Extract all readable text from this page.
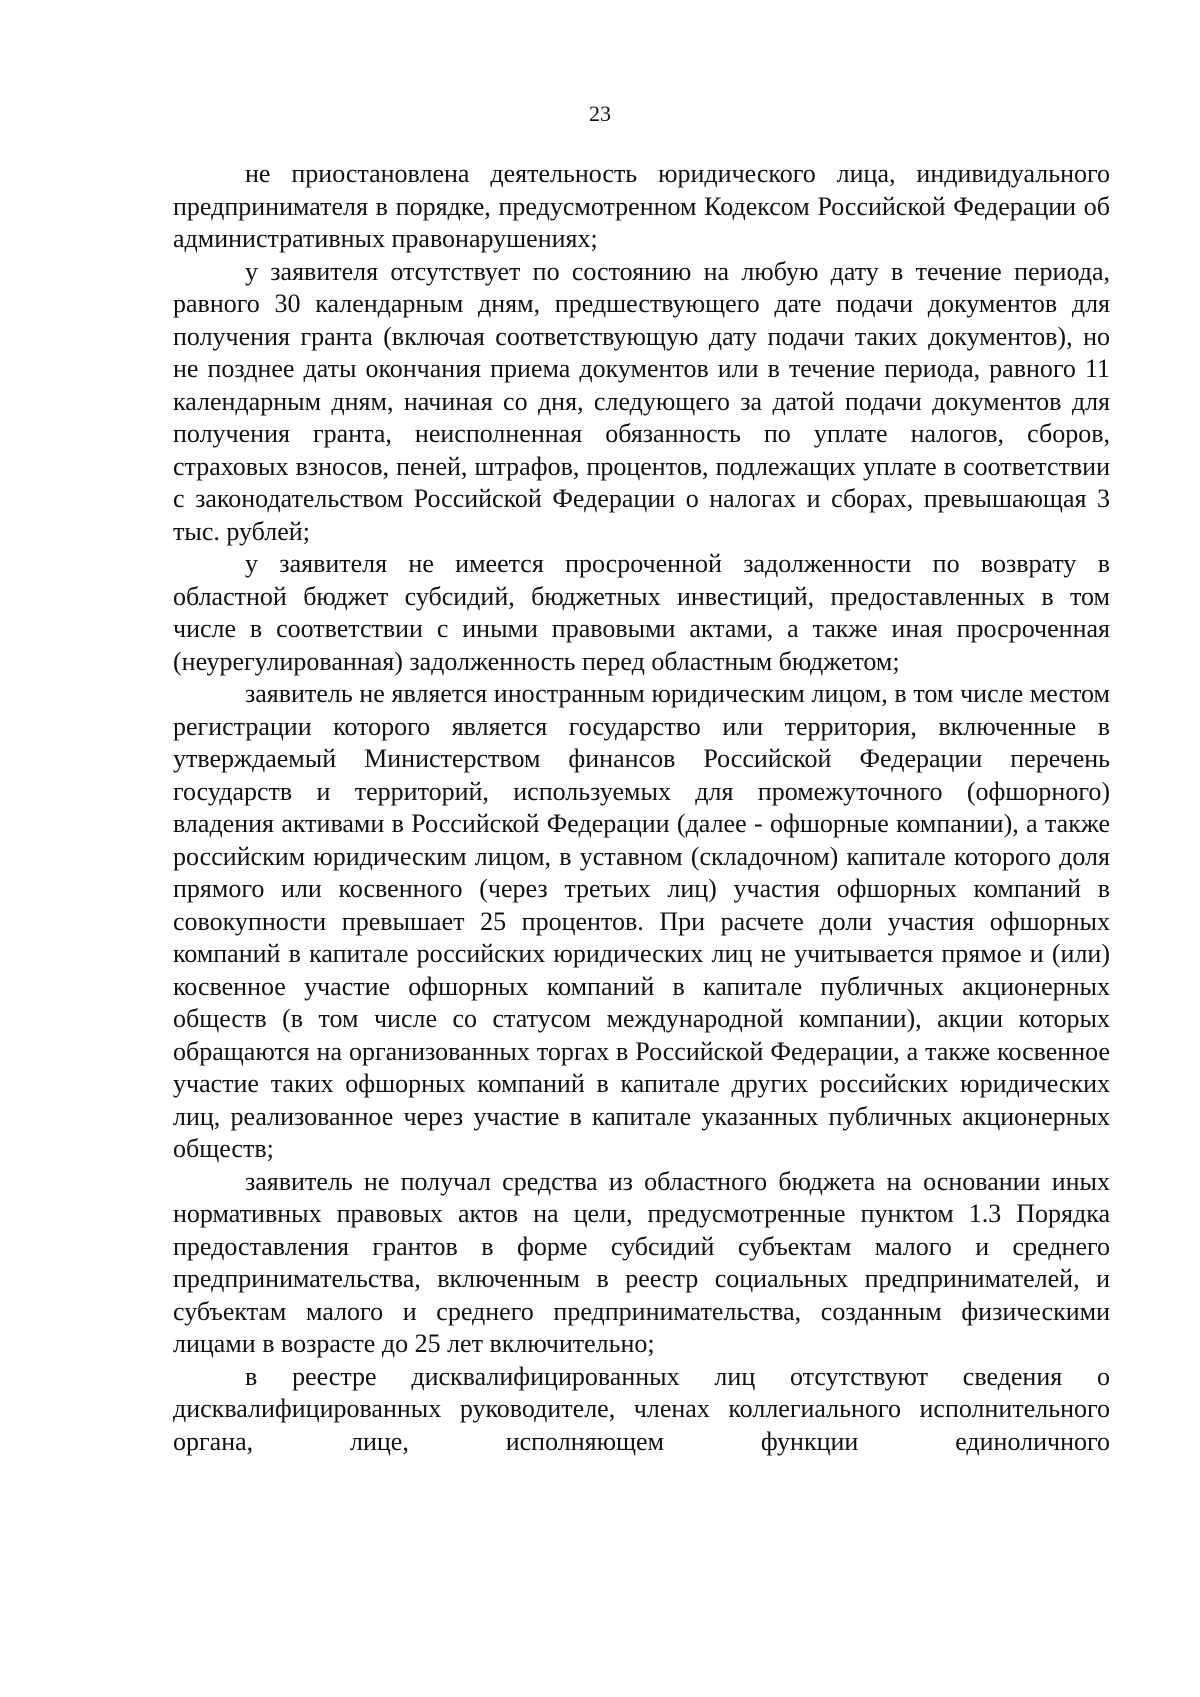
23

не приостановлена деятельность юридического лица, индивидуального предпринимателя в порядке, предусмотренном Кодексом Российской Федерации об административных правонарушениях;

у заявителя отсутствует по состоянию на любую дату в течение периода, равного 30 календарным дням, предшествующего дате подачи документов для получения гранта (включая соответствующую дату подачи таких документов), но не позднее даты окончания приема документов или в течение периода, равного 11 календарным дням, начиная со дня, следующего за датой подачи документов для получения гранта, неисполненная обязанность по уплате налогов, сборов, страховых взносов, пеней, штрафов, процентов, подлежащих уплате в соответствии с законодательством Российской Федерации о налогах и сборах, превышающая 3 тыс. рублей;

у заявителя не имеется просроченной задолженности по возврату в областной бюджет субсидий, бюджетных инвестиций, предоставленных в том числе в соответствии с иными правовыми актами, а также иная просроченная (неурегулированная) задолженность перед областным бюджетом;

заявитель не является иностранным юридическим лицом, в том числе местом регистрации которого является государство или территория, включенные в утверждаемый Министерством финансов Российской Федерации перечень государств и территорий, используемых для промежуточного (офшорного) владения активами в Российской Федерации (далее - офшорные компании), а также российским юридическим лицом, в уставном (складочном) капитале которого доля прямого или косвенного (через третьих лиц) участия офшорных компаний в совокупности превышает 25 процентов. При расчете доли участия офшорных компаний в капитале российских юридических лиц не учитывается прямое и (или) косвенное участие офшорных компаний в капитале публичных акционерных обществ (в том числе со статусом международной компании), акции которых обращаются на организованных торгах в Российской Федерации, а также косвенное участие таких офшорных компаний в капитале других российских юридических лиц, реализованное через участие в капитале указанных публичных акционерных обществ;

заявитель не получал средства из областного бюджета на основании иных нормативных правовых актов на цели, предусмотренные пунктом 1.3 Порядка предоставления грантов в форме субсидий субъектам малого и среднего предпринимательства, включенным в реестр социальных предпринимателей, и субъектам малого и среднего предпринимательства, созданным физическими лицами в возрасте до 25 лет включительно;

в реестре дисквалифицированных лиц отсутствуют сведения о дисквалифицированных руководителе, членах коллегиального исполнительного органа, лице, исполняющем функции единоличного
